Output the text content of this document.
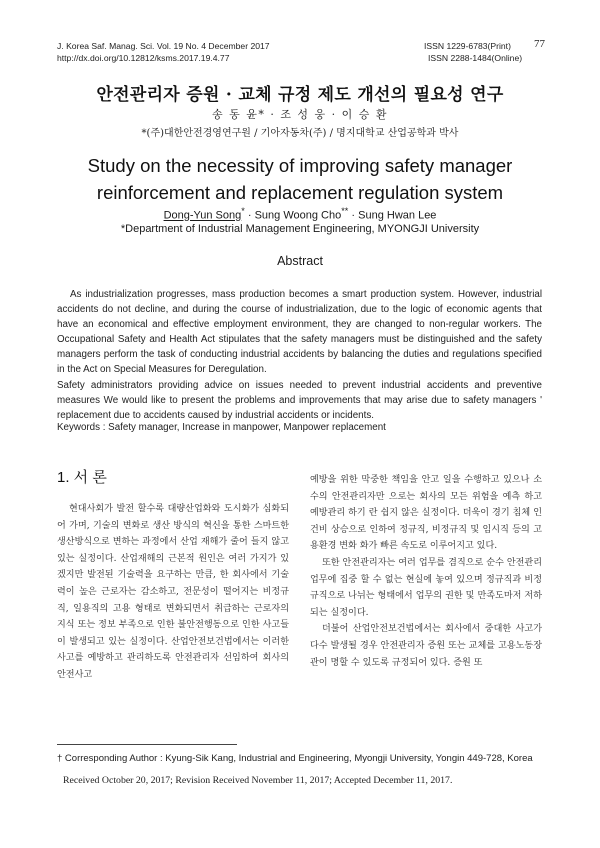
J. Korea Saf. Manag. Sci. Vol. 19 No. 4 December 2017
http://dx.doi.org/10.12812/ksms.2017.19.4.77
ISSN 1229-6783(Print)
ISSN 2288-1484(Online)
77
안전관리자 증원 · 교체 규정 제도 개선의 필요성 연구
송 동 윤* · 조 성 웅 · 이 승 환
*(주)대한안전경영연구원 / 기아자동차(주) / 명지대학교 산업공학과 박사
Study on the necessity of improving safety manager
reinforcement and replacement regulation system
Dong-Yun Song* · Sung Woong Cho** · Sung Hwan Lee
*Department of Industrial Management Engineering, MYONGJI University
Abstract

As industrialization progresses, mass production becomes a smart production system. However, industrial accidents do not decline, and during the course of industrialization, due to the logic of economic agents that have an economical and effective employment environment, they are changed to non-regular workers. The Occupational Safety and Health Act stipulates that the safety managers must be distinguished and the safety managers perform the task of conducting industrial accidents by balancing the duties and regulations specified in the Act on Special Measures for Deregulation.

Safety administrators providing advice on issues needed to prevent industrial accidents and preventive measures We would like to present the problems and improvements that may arise due to safety managers ' replacement due to accidents caused by industrial accidents or incidents.

Keywords : Safety manager, Increase in manpower, Manpower replacement
1. 서 론
현대사회가 발전 할수록 대량산업화와 도시화가 심화되어 가며, 기술의 변화로 생산 방식의 혁신을 통한 스마트한 생산방식으로 변하는 과정에서 산업 재해가 줄어 들지 않고 있는 실정이다. 산업재해의 근본적 원인은 여러 가지가 있겠지만 발전된 기술력을 요구하는 만큼, 한 회사에서 기술력이 높은 근로자는 감소하고, 전문성이 떨어지는 비정규직, 일용직의 고용 형태로 변화되면서 취급하는 근로자의 지식 또는 정보 부족으로 인한 불안전행동으로 인한 사고들이 발생되고 있는 실정이다. 산업안전보건법에서는 이러한 사고를 예방하고 관리하도록 안전관리자 선임하여 회사의 안전사고
예방을 위한 막중한 책임을 안고 일을 수행하고 있으나 소수의 안전관리자만 으로는 회사의 모든 위험을 예측 하고 예방관리 하기 란 쉽지 않은 실정이다. 더욱이 경기 침체 인건비 상승으로 인하여 정규직, 비정규직 및 임시직 등의 고용환경 변화 화가 빠른 속도로 이루어지고 있다.
또한 안전관리자는 여러 업무를 겸직으로 순수 안전관리 업무에 집중 할 수 없는 현실에 놓여 있으며 정규직과 비정규직으로 나뉘는 형태에서 업무의 권한 및 만족도마저 저하되는 실정이다.
더불어 산업안전보건법에서는 회사에서 중대한 사고가 다수 발생될 경우 안전관리자 증원 또는 교체를 고용노동장관이 명할 수 있도록 규정되어 있다. 증원 또
† Corresponding Author : Kyung-Sik Kang, Industrial and Engineering, Myongji University, Yongin 449-728, Korea
Received October 20, 2017; Revision Received November 11, 2017; Accepted December 11, 2017.
